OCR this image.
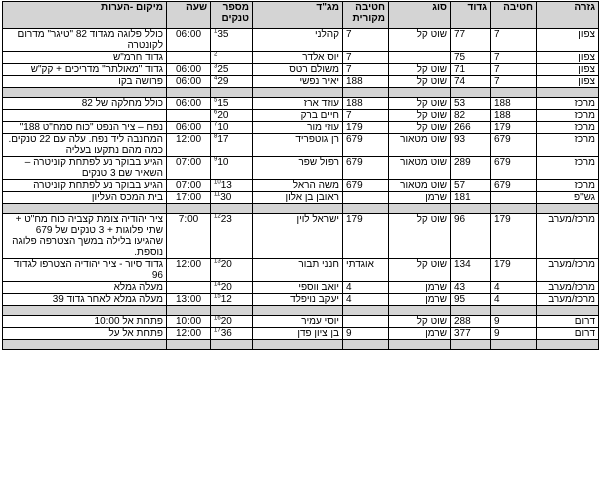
גזרה	חטיבה	גדוד	סוג	חטיבה מקורית	מג"ד	מספר טנקים	שעה	מיקום -הערות
צפון	7	77	שוט קל	7	קהלני	$^1$35	06:00	כולל פלוגה מגדוד 82 "טיגר" מדרום לקונטרה
צפון	7	75		7	יוס אלדר	$^2$		גדוד חרמ"ש
צפון	7	71	שוט קל	7	משולם רטס	$^3$25	06:00	גדוד "מאולתר" מדריכים + קק"ש
צפון	7	74	שוט קל	188	יאיר נפשי	$^4$29	06:00	פרושה בקו

מרכז	188	53	שוט קל	188	עוזד ארז	$^5$15	06:00	כולל מחלקה של 82
מרכז	188	82	שוט קל	7	חיים ברק	$^6$20		
מרכז	179	266	שוט קל	179	עוזי מור	$^7$10	06:00	נפח – ציר הנפט "כוח סמח"ט 188"
מרכז	679	93	שוט מטאור	679	רן גוטפריד	$^8$17	12:00	המחנבה ליד נפח. עלה עם 22 טנקים. כמה מהם נתקעו בעליה
מרכז	679	289	שוט מטאור	679	רפול שפר	$^9$10	07:00	הגיע בבוקר נע לפתחת קוניטרה – השאיר שם 3 טנקים
מרכז	679	57	שוט מטאור	679	משה הראל	$^{10}$13	07:00	הגיע בבוקר נע לפתחת קוניטרה
גש"פ		181	שרמן		ראובן בן אלון	$^{11}$30	17:00	בית המכס העליון

מרכז/מערב	179	96	שוט קל	179	ישראל לוין	$^{12}$23	7:00	ציר יהודיה צומת קצביה כוח מח"ט + שתי פלוגות + 3 טנקים של 679 שהגיעו בלילה במשך הצטרפה פלוגה נוספת.
מרכז/מערב	179	134	שוט קל	אוגדתי	חנני תבור	$^{13}$20	12:00	גדוד סיור - ציר יהודיה הצטרפו לגדוד 96
מרכז/מערב	4	43	שרמן	4	יואב ווספי	$^{14}$20		מעלה גמלא
מרכז/מערב	4	95	שרמן	4	יעקב נויפלד	$^{15}$12	13:00	מעלה גמלא לאחר גדוד 39

דרום	9	288	שוט קל		יוסי עמיר	$^{16}$20	10:00	פתחת אל 10:00
דרום	9	377	שרמן	9	בן ציון פדן	$^{17}$36	12:00	פתחת אל על
